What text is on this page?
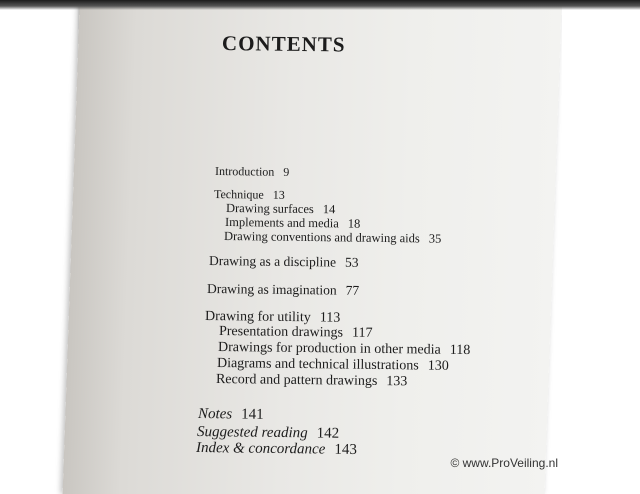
CONTENTS
Introduction 9
Technique 13
Drawing surfaces 14
Implements and media 18
Drawing conventions and drawing aids 35
Drawing as a discipline 53
Drawing as imagination 77
Drawing for utility 113
Presentation drawings 117
Drawings for production in other media 118
Diagrams and technical illustrations 130
Record and pattern drawings 133
Notes 141
Suggested reading 142
Index & concordance 143
© www.ProVeiling.nl
